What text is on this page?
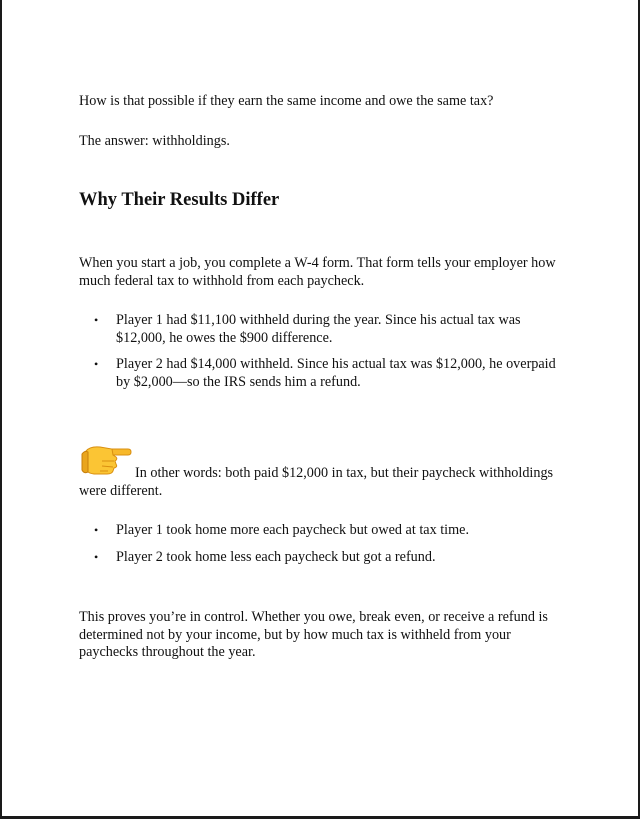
How is that possible if they earn the same income and owe the same tax?

The answer: withholdings.

Why Their Results Differ

When you start a job, you complete a W-4 form. That form tells your employer how much federal tax to withhold from each paycheck.

• Player 1 had $11,100 withheld during the year. Since his actual tax was $12,000, he owes the $900 difference.
• Player 2 had $14,000 withheld. Since his actual tax was $12,000, he overpaid by $2,000—so the IRS sends him a refund.

In other words: both paid $12,000 in tax, but their paycheck withholdings were different.

• Player 1 took home more each paycheck but owed at tax time.
• Player 2 took home less each paycheck but got a refund.

This proves you’re in control. Whether you owe, break even, or receive a refund is determined not by your income, but by how much tax is withheld from your paychecks throughout the year.
